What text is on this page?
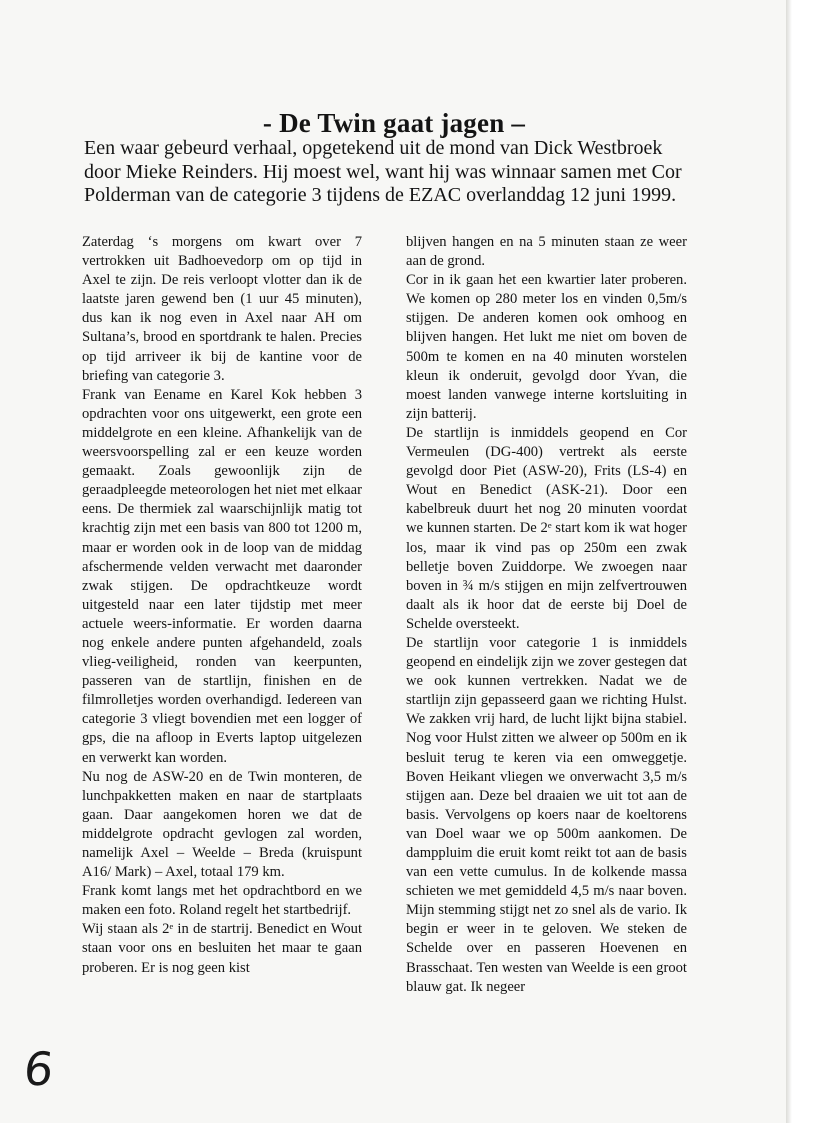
- De Twin gaat jagen –
Een waar gebeurd verhaal, opgetekend uit de mond van Dick Westbroek door Mieke Reinders. Hij moest wel, want hij was winnaar samen met Cor Polderman van de categorie 3 tijdens de EZAC overlanddag 12 juni 1999.

Zaterdag ‘s morgens om kwart over 7 vertrokken uit Badhoevedorp om op tijd in Axel te zijn. De reis verloopt vlotter dan ik de laatste jaren gewend ben (1 uur 45 minuten), dus kan ik nog even in Axel naar AH om Sultana’s, brood en sportdrank te halen. Precies op tijd arriveer ik bij de kantine voor de briefing van categorie 3.

Frank van Eename en Karel Kok hebben 3 opdrachten voor ons uitgewerkt, een grote een middelgrote en een kleine. Afhankelijk van de weersvoorspelling zal er een keuze worden gemaakt. Zoals gewoonlijk zijn de geraadpleegde meteorologen het niet met elkaar eens. De thermiek zal waarschijnlijk matig tot krachtig zijn met een basis van 800 tot 1200 m, maar er worden ook in de loop van de middag afschermende velden verwacht met daaronder zwak stijgen. De opdrachtkeuze wordt uitgesteld naar een later tijdstip met meer actuele weers-informatie. Er worden daarna nog enkele andere punten afgehandeld, zoals vlieg-veiligheid, ronden van keerpunten, passeren van de startlijn, finishen en de filmrolletjes worden overhandigd. Iedereen van categorie 3 vliegt bovendien met een logger of gps, die na afloop in Everts laptop uitgelezen en verwerkt kan worden.

Nu nog de ASW-20 en de Twin monteren, de lunchpakketten maken en naar de startplaats gaan. Daar aangekomen horen we dat de middelgrote opdracht gevlogen zal worden, namelijk Axel – Weelde – Breda (kruispunt A16/ Mark) – Axel, totaal 179 km.

Frank komt langs met het opdrachtbord en we maken een foto. Roland regelt het startbedrijf.

Wij staan als 2ᵉ in de startrij. Benedict en Wout staan voor ons en besluiten het maar te gaan proberen. Er is nog geen kist

blijven hangen en na 5 minuten staan ze weer aan de grond.

Cor in ik gaan het een kwartier later proberen. We komen op 280 meter los en vinden 0,5m/s stijgen. De anderen komen ook omhoog en blijven hangen. Het lukt me niet om boven de 500m te komen en na 40 minuten worstelen kleun ik onderuit, gevolgd door Yvan, die moest landen vanwege interne kortsluiting in zijn batterij.

De startlijn is inmiddels geopend en Cor Vermeulen (DG-400) vertrekt als eerste gevolgd door Piet (ASW-20), Frits (LS-4) en Wout en Benedict (ASK-21). Door een kabelbreuk duurt het nog 20 minuten voordat we kunnen starten. De 2ᵉ start kom ik wat hoger los, maar ik vind pas op 250m een zwak belletje boven Zuiddorpe. We zwoegen naar boven in ¾ m/s stijgen en mijn zelfvertrouwen daalt als ik hoor dat de eerste bij Doel de Schelde oversteekt.

De startlijn voor categorie 1 is inmiddels geopend en eindelijk zijn we zover gestegen dat we ook kunnen vertrekken. Nadat we de startlijn zijn gepasseerd gaan we richting Hulst. We zakken vrij hard, de lucht lijkt bijna stabiel. Nog voor Hulst zitten we alweer op 500m en ik besluit terug te keren via een omweggetje. Boven Heikant vliegen we onverwacht 3,5 m/s stijgen aan. Deze bel draaien we uit tot aan de basis. Vervolgens op koers naar de koeltorens van Doel waar we op 500m aankomen. De damppluim die eruit komt reikt tot aan de basis van een vette cumulus. In de kolkende massa schieten we met gemiddeld 4,5 m/s naar boven. Mijn stemming stijgt net zo snel als de vario. Ik begin er weer in te geloven. We steken de Schelde over en passeren Hoevenen en Brasschaat. Ten westen van Weelde is een groot blauw gat. Ik negeer

6
